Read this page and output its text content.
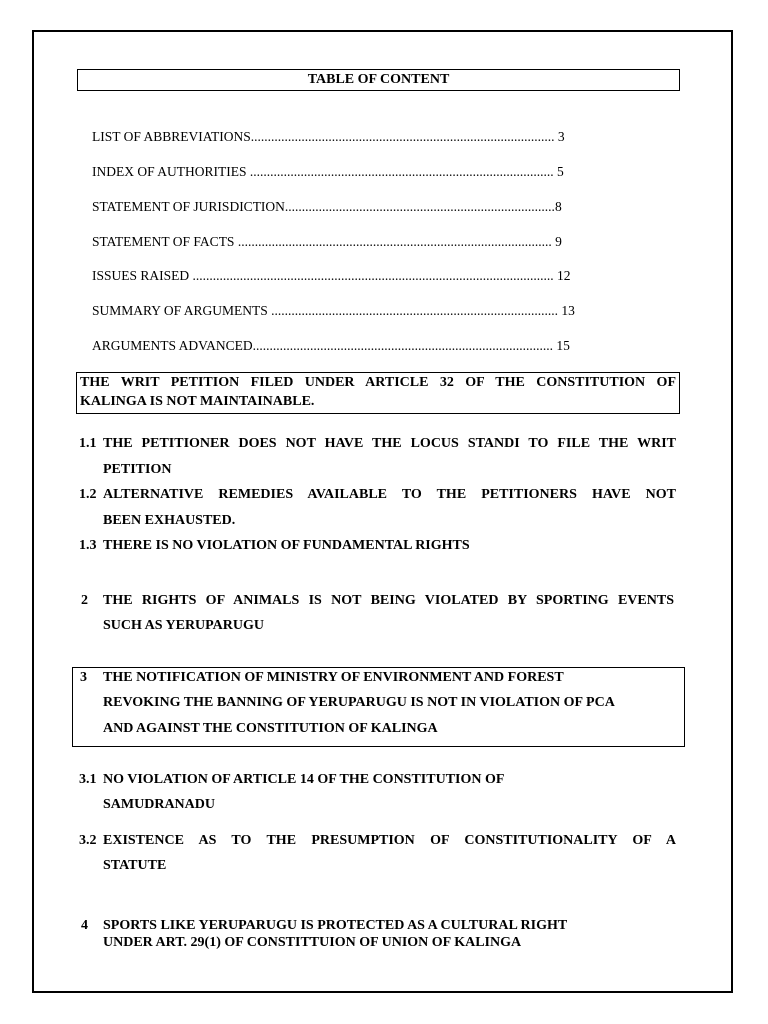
TABLE OF CONTENT
LIST OF ABBREVIATIONS.......................................................................................... 3
INDEX OF AUTHORITIES .......................................................................................... 5
STATEMENT OF JURISDICTION................................................................................8
STATEMENT OF FACTS ............................................................................................. 9
ISSUES RAISED ........................................................................................................... 12
SUMMARY OF ARGUMENTS ..................................................................................... 13
ARGUMENTS ADVANCED......................................................................................... 15
THE WRIT PETITION FILED UNDER ARTICLE 32 OF THE CONSTITUTION OF
KALINGA IS NOT MAINTAINABLE.
1.1 THE PETITIONER DOES NOT HAVE THE LOCUS STANDI TO FILE THE WRIT
PETITION
1.2 ALTERNATIVE REMEDIES AVAILABLE TO THE PETITIONERS HAVE NOT
BEEN EXHAUSTED.
1.3 THERE IS NO VIOLATION OF FUNDAMENTAL RIGHTS
2 THE RIGHTS OF ANIMALS IS NOT BEING VIOLATED BY SPORTING EVENTS
SUCH AS YERUPARUGU
3 THE NOTIFICATION OF MINISTRY OF ENVIRONMENT AND FOREST
REVOKING THE BANNING OF YERUPARUGU IS NOT IN VIOLATION OF PCA
AND AGAINST THE CONSTITUTION OF KALINGA
3.1 NO VIOLATION OF ARTICLE 14 OF THE CONSTITUTION OF
SAMUDRANADU
3.2 EXISTENCE AS TO THE PRESUMPTION OF CONSTITUTIONALITY OF A
STATUTE
4 SPORTS LIKE YERUPARUGU IS PROTECTED AS A CULTURAL RIGHT
UNDER ART. 29(1) OF CONSTITTUION OF UNION OF KALINGA
